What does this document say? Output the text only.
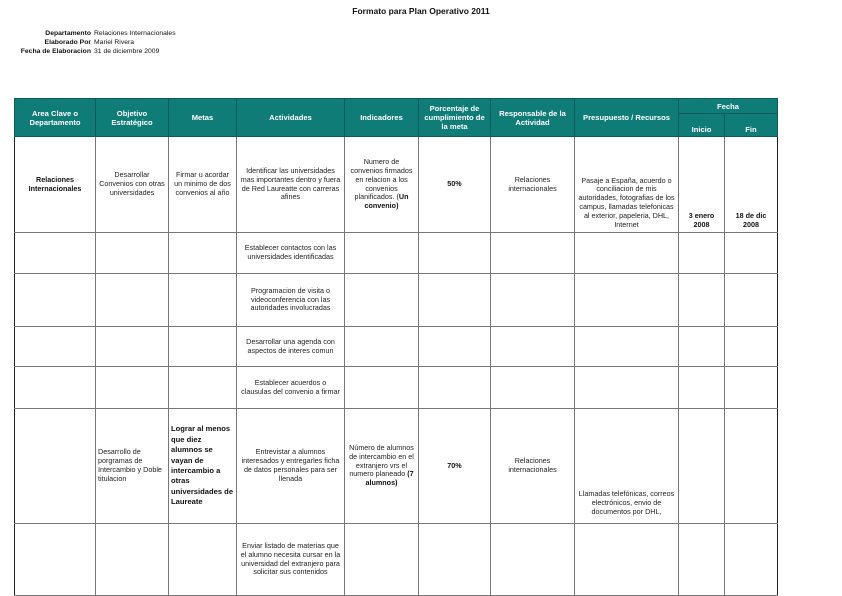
Formato para Plan Operativo 2011
Departamento Relaciones Internacionales
Elaborado Por Mariel Rivera
Fecha de Elaboracion 31 de diciembre 2009
Area Clave o Departamento	Objetivo Estratégico	Metas	Actividades	Indicadores	Porcentaje de cumplimiento de la meta	Responsable de la Actividad	Presupuesto / Recursos	Fecha	
								Inicio	Fin
Relaciones Internacionales	Desarrollar Convenios con otras universidades	Firmar u acordar un minimo de dos convenios al año	Identificar las universidades mas importantes dentro y fuera de Red Laureatte con carreras afines	Numero de convenios firmados en relacion a los convenios planificados. (Un convenio)	50%	Relaciones internacionales	Pasaje a España, acuerdo o conciliacion de mis autoridades, fotografias de los campus, llamadas telefonicas al exterior, papeleria, DHL, Internet	3 enero 2008	18 de dic 2008
			Establecer contactos con las universidades identificadas						
			Programacion de visita o videoconferencia con las autoridades involucradas						
			Desarrollar una agenda con aspectos de interes comun						
			Establecer acuerdos o clausulas del convenio a firmar						
	Desarrollo de porgramas de Intercambio y Doble titulacion	Lograr al menos que diez alumnos se vayan de intercambio a otras universidades de Laureate	Entrevistar a alumnos interesados y entregarles ficha de datos personales para ser llenada	Número de alumnos de intercambio en el extranjero vrs el numero planeado (7 alumnos)	70%	Relaciones internacionales	Llamadas telefónicas, correos electrónicos, envio de documentos por DHL,		
			Enviar listado de materias que el alumno necesita cursar en la universidad del extranjero para solicitar sus contenidos						
